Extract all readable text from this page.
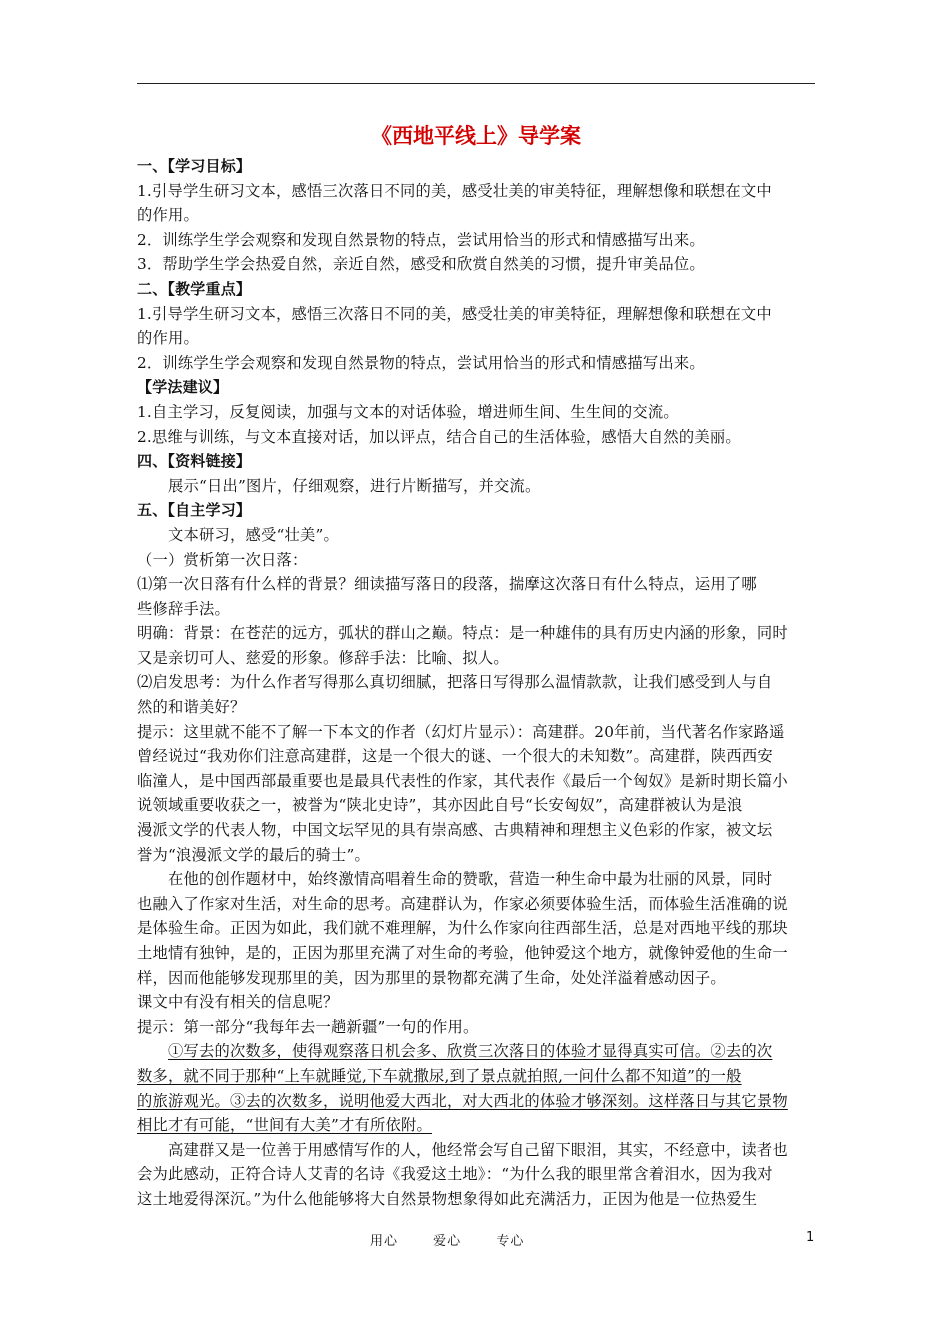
《西地平线上》导学案

一、【学习目标】

1.引导学生研习文本，感悟三次落日不同的美，感受壮美的审美特征，理解想像和联想在文中

的作用。

2．训练学生学会观察和发现自然景物的特点，尝试用恰当的形式和情感描写出来。

3．帮助学生学会热爱自然，亲近自然，感受和欣赏自然美的习惯，提升审美品位。

二、【教学重点】

1.引导学生研习文本，感悟三次落日不同的美，感受壮美的审美特征，理解想像和联想在文中

的作用。

2．训练学生学会观察和发现自然景物的特点，尝试用恰当的形式和情感描写出来。

【学法建议】

1.自主学习，反复阅读，加强与文本的对话体验，增进师生间、生生间的交流。

2.思维与训练，与文本直接对话，加以评点，结合自己的生活体验，感悟大自然的美丽。

四、【资料链接】

展示“日出”图片，仔细观察，进行片断描写，并交流。

五、【自主学习】

文本研习，感受“壮美”。

（一）赏析第一次日落：

⑴第一次日落有什么样的背景？细读描写落日的段落，揣摩这次落日有什么特点，运用了哪

些修辞手法。

明确：背景：在苍茫的远方，弧状的群山之巅。特点：是一种雄伟的具有历史内涵的形象，同时

又是亲切可人、慈爱的形象。修辞手法：比喻、拟人。

⑵启发思考：为什么作者写得那么真切细腻，把落日写得那么温情款款，让我们感受到人与自

然的和谐美好？

提示：这里就不能不了解一下本文的作者（幻灯片显示）：高建群。20年前，当代著名作家路遥

曾经说过“我劝你们注意高建群，这是一个很大的谜、一个很大的未知数”。高建群，陕西西安

临潼人，是中国西部最重要也是最具代表性的作家，其代表作《最后一个匈奴》是新时期长篇小

说领域重要收获之一，被誉为“陕北史诗”，其亦因此自号“长安匈奴”，高建群被认为是浪

漫派文学的代表人物，中国文坛罕见的具有崇高感、古典精神和理想主义色彩的作家，被文坛

誉为“浪漫派文学的最后的骑士”。

在他的创作题材中，始终激情高唱着生命的赞歌，营造一种生命中最为壮丽的风景，同时

也融入了作家对生活，对生命的思考。高建群认为，作家必须要体验生活，而体验生活准确的说

是体验生命。正因为如此，我们就不难理解，为什么作家向往西部生活，总是对西地平线的那块

土地情有独钟，是的，正因为那里充满了对生命的考验，他钟爱这个地方，就像钟爱他的生命一

样，因而他能够发现那里的美，因为那里的景物都充满了生命，处处洋溢着感动因子。

课文中有没有相关的信息呢？

提示：第一部分“我每年去一趟新疆”一句的作用。

①写去的次数多，使得观察落日机会多、欣赏三次落日的体验才显得真实可信。②去的次

数多，就不同于那种“上车就睡觉,下车就撒尿,到了景点就拍照,一问什么都不知道”的一般

的旅游观光。③去的次数多，说明他爱大西北，对大西北的体验才够深刻。这样落日与其它景物

相比才有可能，“世间有大美”才有所依附。

高建群又是一位善于用感情写作的人，他经常会写自己留下眼泪，其实，不经意中，读者也

会为此感动，正符合诗人艾青的名诗《我爱这土地》：“为什么我的眼里常含着泪水，因为我对

这土地爱得深沉。”为什么他能够将大自然景物想象得如此充满活力，正因为他是一位热爱生

用心	爱心	专心	1
